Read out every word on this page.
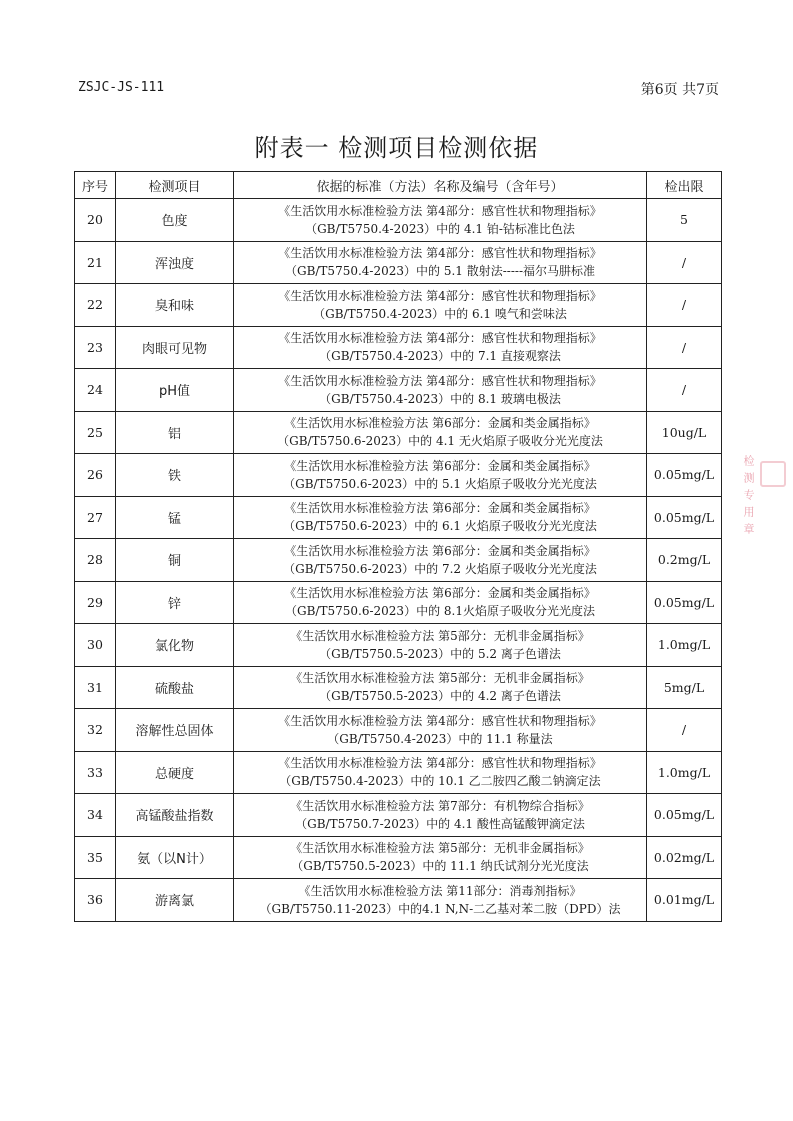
ZSJC-JS-111	第6页 共7页
附表一 检测项目检测依据
序号	检测项目	依据的标准（方法）名称及编号（含年号）	检出限
20	色度	《生活饮用水标准检验方法 第4部分：感官性状和物理指标》
（GB/T5750.4-2023）中的 4.1 铂-钴标准比色法	5
21	浑浊度	《生活饮用水标准检验方法 第4部分：感官性状和物理指标》
（GB/T5750.4-2023）中的 5.1 散射法-----福尔马肼标准	/
22	臭和味	《生活饮用水标准检验方法 第4部分：感官性状和物理指标》
（GB/T5750.4-2023）中的 6.1 嗅气和尝味法	/
23	肉眼可见物	《生活饮用水标准检验方法 第4部分：感官性状和物理指标》
（GB/T5750.4-2023）中的 7.1 直接观察法	/
24	pH值	《生活饮用水标准检验方法 第4部分：感官性状和物理指标》
（GB/T5750.4-2023）中的 8.1 玻璃电极法	/
25	铝	《生活饮用水标准检验方法 第6部分：金属和类金属指标》
（GB/T5750.6-2023）中的 4.1 无火焰原子吸收分光光度法	10ug/L
26	铁	《生活饮用水标准检验方法 第6部分：金属和类金属指标》
（GB/T5750.6-2023）中的 5.1 火焰原子吸收分光光度法	0.05mg/L
27	锰	《生活饮用水标准检验方法 第6部分：金属和类金属指标》
（GB/T5750.6-2023）中的 6.1 火焰原子吸收分光光度法	0.05mg/L
28	铜	《生活饮用水标准检验方法 第6部分：金属和类金属指标》
（GB/T5750.6-2023）中的 7.2 火焰原子吸收分光光度法	0.2mg/L
29	锌	《生活饮用水标准检验方法 第6部分：金属和类金属指标》
（GB/T5750.6-2023）中的 8.1火焰原子吸收分光光度法	0.05mg/L
30	氯化物	《生活饮用水标准检验方法 第5部分：无机非金属指标》
（GB/T5750.5-2023）中的 5.2 离子色谱法	1.0mg/L
31	硫酸盐	《生活饮用水标准检验方法 第5部分：无机非金属指标》
（GB/T5750.5-2023）中的 4.2 离子色谱法	5mg/L
32	溶解性总固体	《生活饮用水标准检验方法 第4部分：感官性状和物理指标》
（GB/T5750.4-2023）中的 11.1 称量法	/
33	总硬度	《生活饮用水标准检验方法 第4部分：感官性状和物理指标》
（GB/T5750.4-2023）中的 10.1 乙二胺四乙酸二钠滴定法	1.0mg/L
34	高锰酸盐指数	《生活饮用水标准检验方法 第7部分：有机物综合指标》
（GB/T5750.7-2023）中的 4.1 酸性高锰酸钾滴定法	0.05mg/L
35	氨（以N计）	《生活饮用水标准检验方法 第5部分：无机非金属指标》
（GB/T5750.5-2023）中的 11.1 纳氏试剂分光光度法	0.02mg/L
36	游离氯	《生活饮用水标准检验方法 第11部分：消毒剂指标》
（GB/T5750.11-2023）中的4.1 N,N-二乙基对苯二胺（DPD）法	0.01mg/L
检测专用章
